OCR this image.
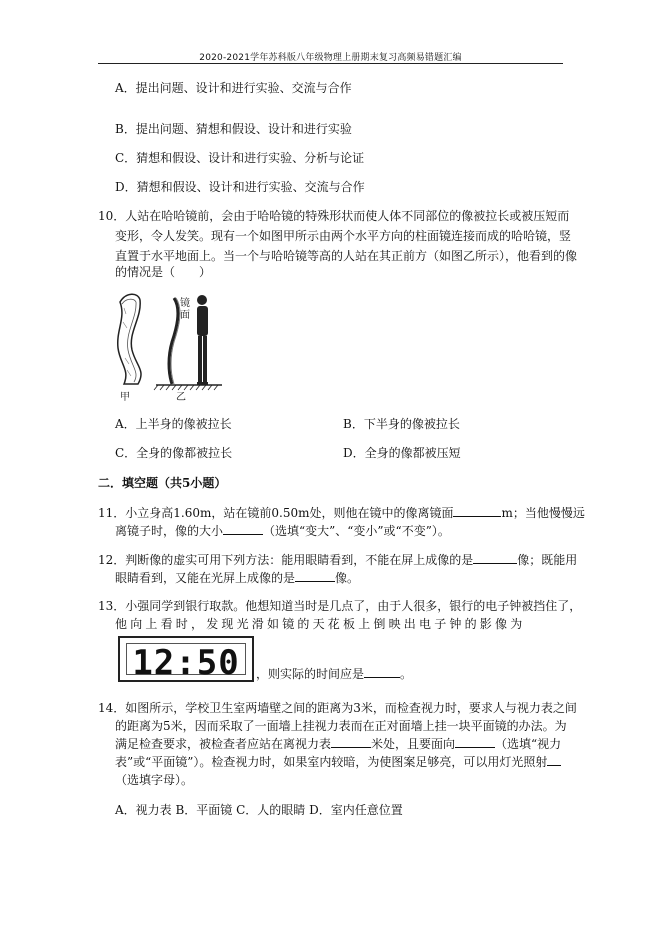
2020-2021学年苏科版八年级物理上册期末复习高频易错题汇编
A．提出问题、设计和进行实验、交流与合作
B．提出问题、猜想和假设、设计和进行实验
C．猜想和假设、设计和进行实验、分析与论证
D．猜想和假设、设计和进行实验、交流与合作
10．人站在哈哈镜前，会由于哈哈镜的特殊形状而使人体不同部位的像被拉长或被压短而
变形，令人发笑。现有一个如图甲所示由两个水平方向的柱面镜连接而成的哈哈镜，竖
直置于水平地面上。当一个与哈哈镜等高的人站在其正前方（如图乙所示），他看到的像
的情况是（　　）
甲	乙
镜
面
A．上半身的像被拉长	B．下半身的像被拉长
C．全身的像都被拉长	D．全身的像都被压短
二．填空题（共5小题）
11．小立身高1.60m，站在镜前0.50m处，则他在镜中的像离镜面	m；当他慢慢远
离镜子时，像的大小	（选填“变大”、“变小”或“不变”）。
12．判断像的虚实可用下列方法：能用眼睛看到，不能在屏上成像的是	像；既能用
眼睛看到，又能在光屏上成像的是	像。
13．小强同学到银行取款。他想知道当时是几点了，由于人很多，银行的电子钟被挡住了，
他向上看时，发现光滑如镜的天花板上倒映出电子钟的影像为
12:50	，则实际的时间应是	。
14．如图所示，学校卫生室两墙壁之间的距离为3米，而检查视力时，要求人与视力表之间
的距离为5米，因而采取了一面墙上挂视力表而在正对面墙上挂一块平面镜的办法。为
满足检查要求，被检查者应站在离视力表	米处，且要面向	（选填“视力
表”或“平面镜”）。检查视力时，如果室内较暗，为使图案足够亮，可以用灯光照射
（选填字母）。
A．视力表 B．平面镜 C．人的眼睛 D．室内任意位置
